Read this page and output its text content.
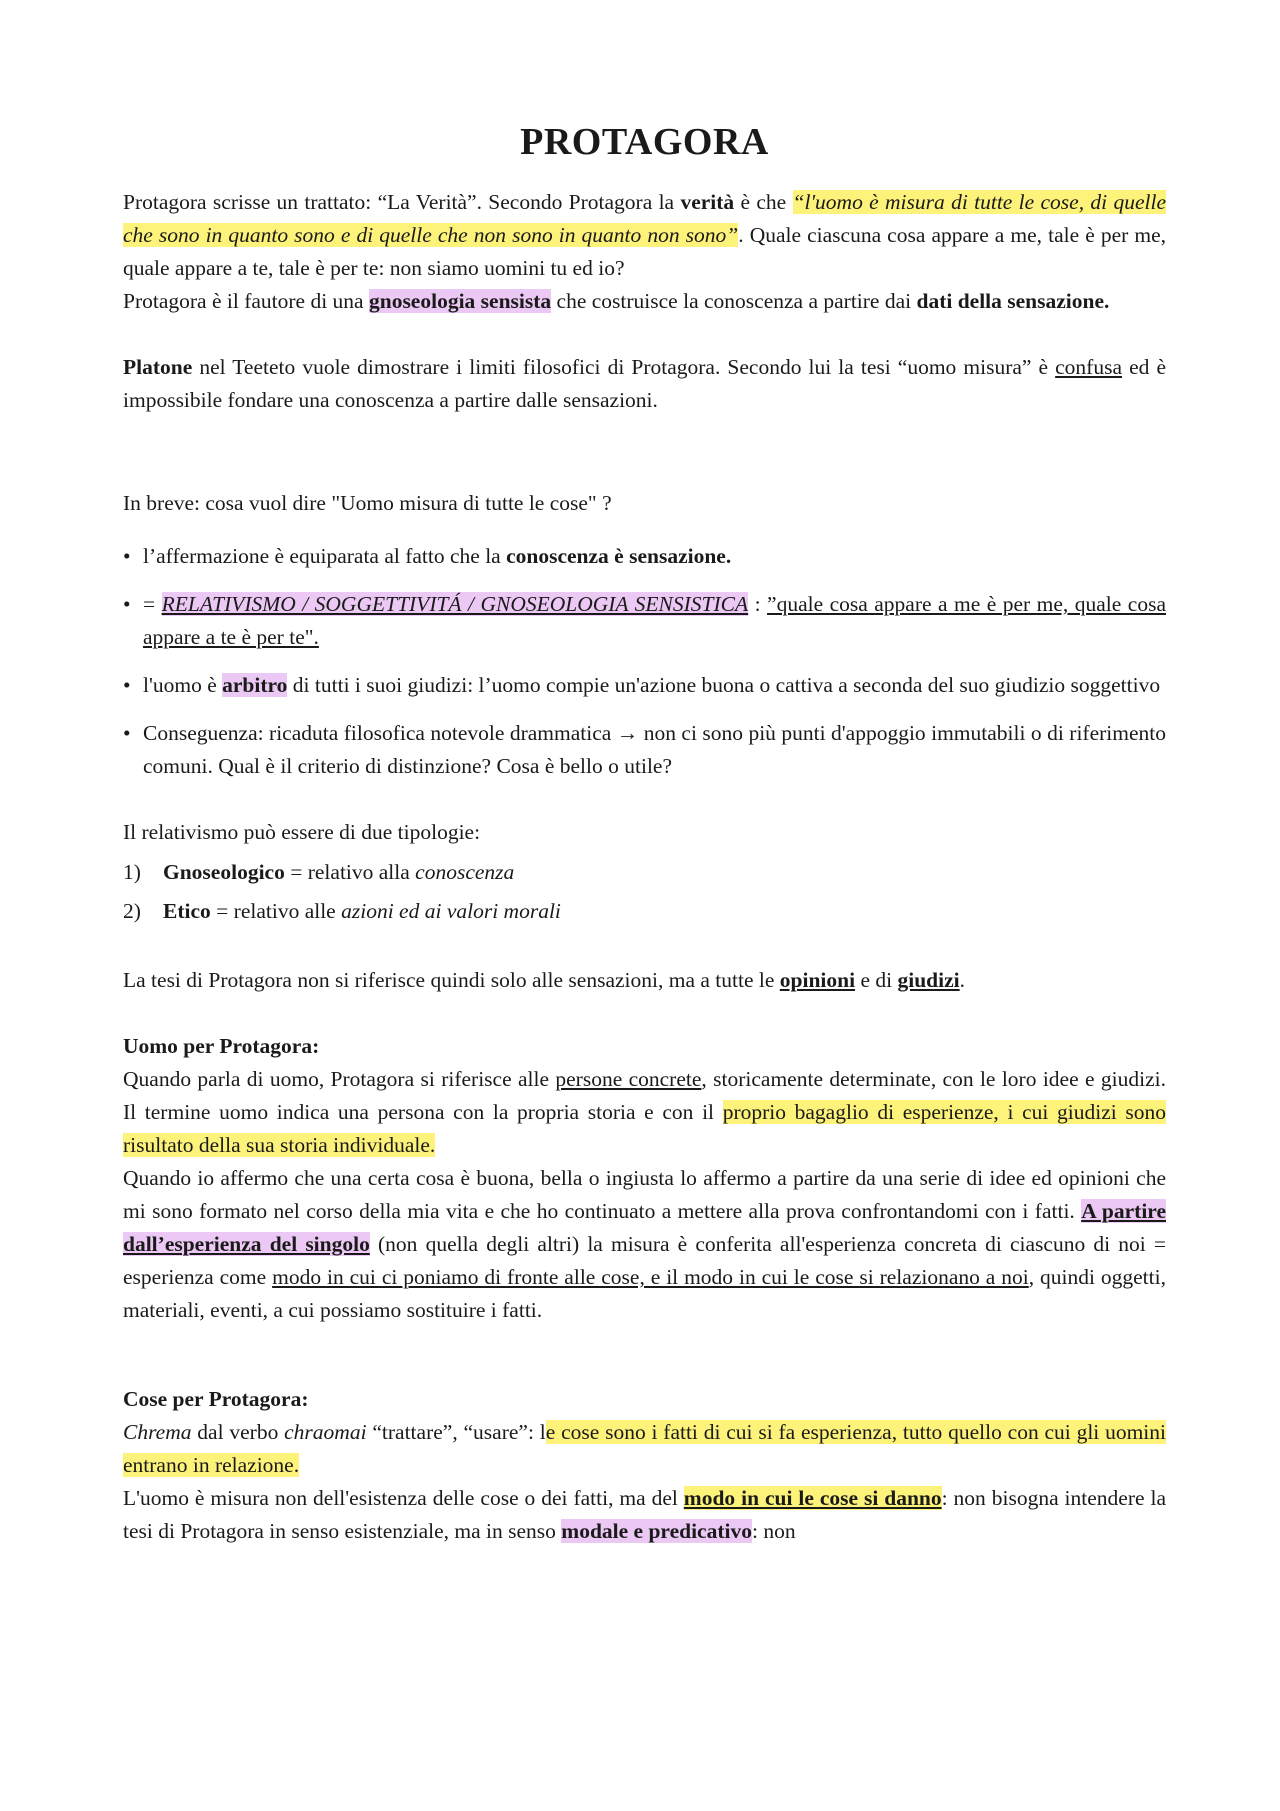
PROTAGORA

Protagora scrisse un trattato: “La Verità”. Secondo Protagora la verità è che “l'uomo è misura di tutte le cose, di quelle che sono in quanto sono e di quelle che non sono in quanto non sono”. Quale ciascuna cosa appare a me, tale è per me, quale appare a te, tale è per te: non siamo uomini tu ed io?

Protagora è il fautore di una gnoseologia sensista che costruisce la conoscenza a partire dai dati della sensazione.

Platone nel Teeteto vuole dimostrare i limiti filosofici di Protagora. Secondo lui la tesi “uomo misura” è confusa ed è impossibile fondare una conoscenza a partire dalle sensazioni.

In breve: cosa vuol dire "Uomo misura di tutte le cose" ?

• l’affermazione è equiparata al fatto che la conoscenza è sensazione.
• = RELATIVISMO / SOGGETTIVITÁ / GNOSEOLOGIA SENSISTICA : ”quale cosa appare a me è per me, quale cosa appare a te è per te".
• l'uomo è arbitro di tutti i suoi giudizi: l’uomo compie un'azione buona o cattiva a seconda del suo giudizio soggettivo
• Conseguenza: ricaduta filosofica notevole drammatica → non ci sono più punti d'appoggio immutabili o di riferimento comuni. Qual è il criterio di distinzione? Cosa è bello o utile?

Il relativismo può essere di due tipologie:

1)	Gnoseologico = relativo alla conoscenza
2)	Etico = relativo alle azioni ed ai valori morali

La tesi di Protagora non si riferisce quindi solo alle sensazioni, ma a tutte le opinioni e di giudizi.

Uomo per Protagora:

Quando parla di uomo, Protagora si riferisce alle persone concrete, storicamente determinate, con le loro idee e giudizi. Il termine uomo indica una persona con la propria storia e con il proprio bagaglio di esperienze, i cui giudizi sono risultato della sua storia individuale.

Quando io affermo che una certa cosa è buona, bella o ingiusta lo affermo a partire da una serie di idee ed opinioni che mi sono formato nel corso della mia vita e che ho continuato a mettere alla prova confrontandomi con i fatti. A partire dall’esperienza del singolo (non quella degli altri) la misura è conferita all'esperienza concreta di ciascuno di noi = esperienza come modo in cui ci poniamo di fronte alle cose, e il modo in cui le cose si relazionano a noi, quindi oggetti, materiali, eventi, a cui possiamo sostituire i fatti.

Cose per Protagora:

Chrema dal verbo chraomai “trattare”, “usare”: le cose sono i fatti di cui si fa esperienza, tutto quello con cui gli uomini entrano in relazione.

L'uomo è misura non dell'esistenza delle cose o dei fatti, ma del modo in cui le cose si danno: non bisogna intendere la tesi di Protagora in senso esistenziale, ma in senso modale e predicativo: non
